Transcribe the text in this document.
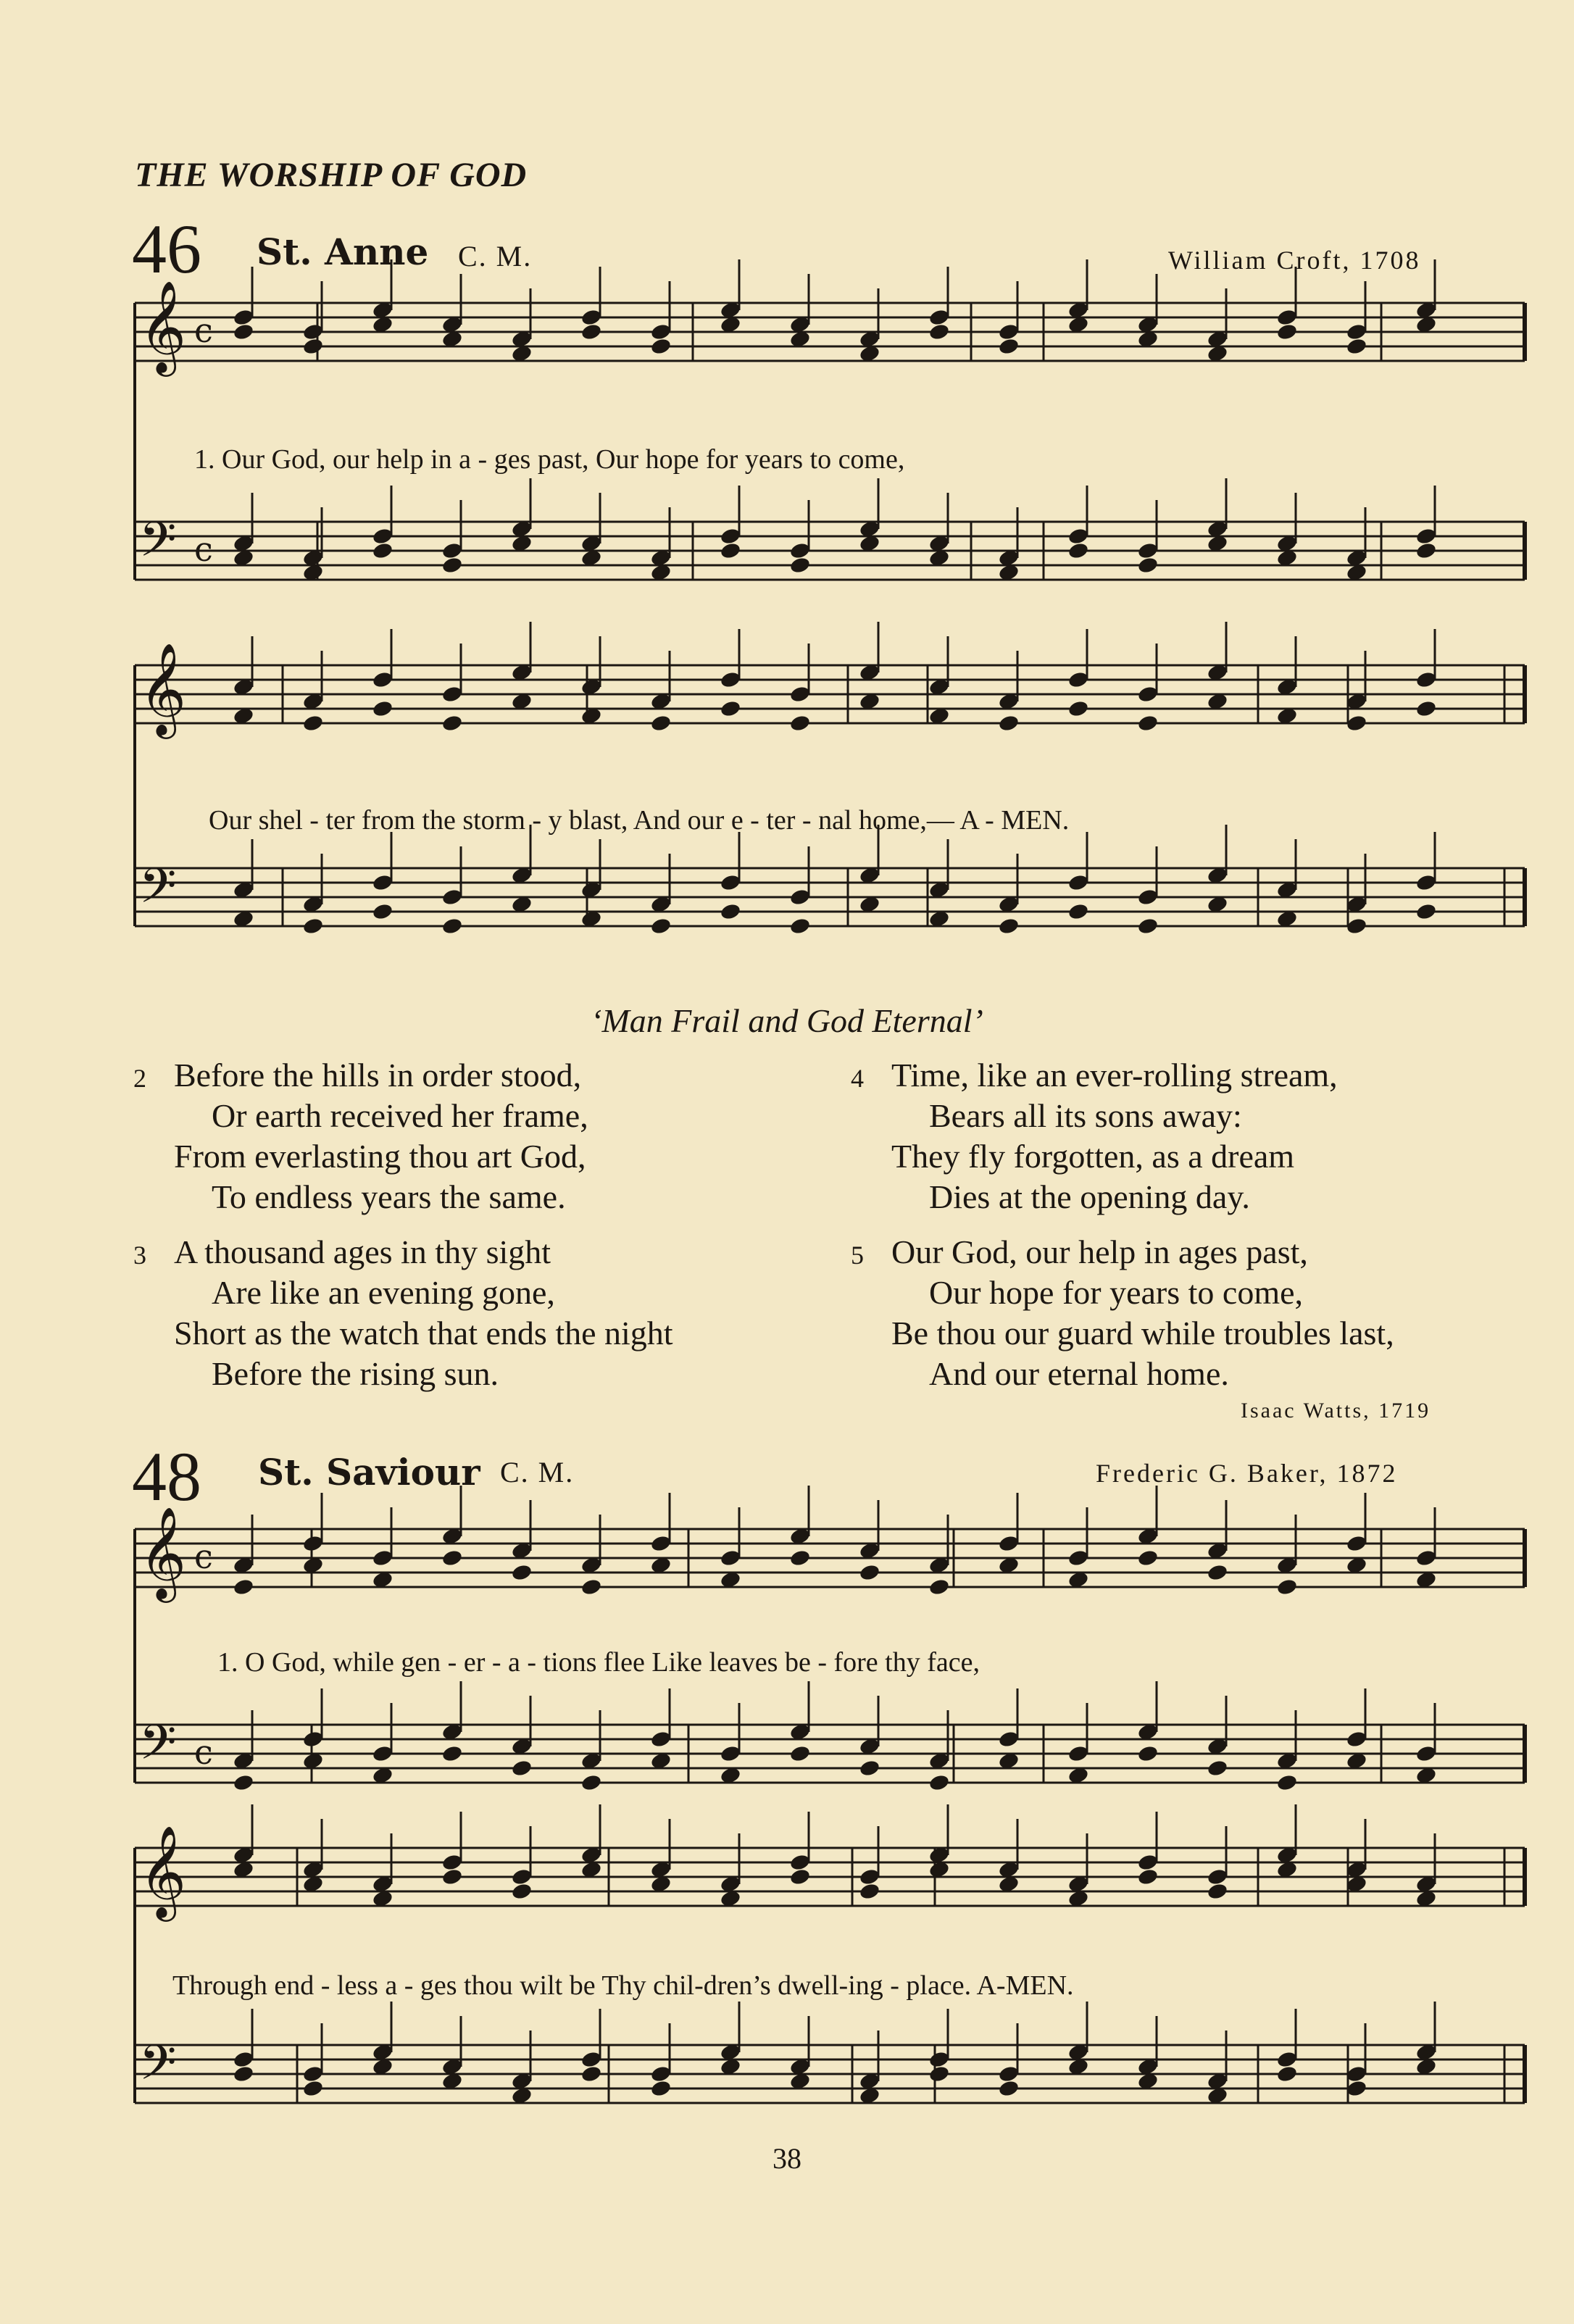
THE WORSHIP OF GOD
46 St. Anne C. M.	William Croft, 1708
𝄞 c
𝄢 c
𝄞
𝄢
𝄞 c
𝄢 c
𝄞
𝄢
1. Our God, our help in a - ges past, Our hope for years to come,
Our shel - ter from the storm - y blast, And our e - ter - nal home,— A - MEN.
‘Man Frail and God Eternal’
2 Before the hills in order stood,
Or earth received her frame,
From everlasting thou art God,
To endless years the same.
3 A thousand ages in thy sight
Are like an evening gone,
Short as the watch that ends the night
Before the rising sun.
4 Time, like an ever-rolling stream,
Bears all its sons away:
They fly forgotten, as a dream
Dies at the opening day.
5 Our God, our help in ages past,
Our hope for years to come,
Be thou our guard while troubles last,
And our eternal home.
Isaac Watts, 1719
48 St. Saviour C. M.	Frederic G. Baker, 1872
1. O God, while gen - er - a - tions flee Like leaves be - fore thy face,
Through end - less a - ges thou wilt be Thy chil-dren’s dwell-ing - place. A-MEN.
38
